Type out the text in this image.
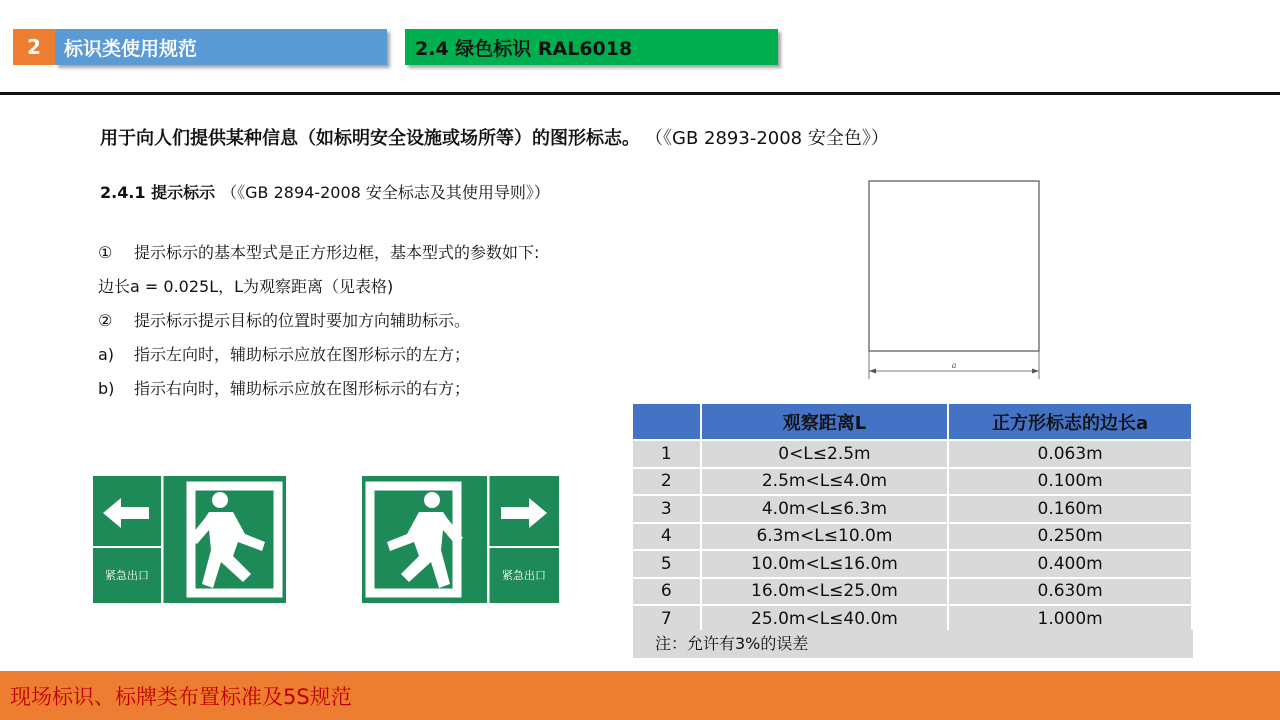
2	标识类使用规范	2.4 绿色标识 RAL6018
用于向人们提供某种信息（如标明安全设施或场所等）的图形标志。 （《GB 2893-2008 安全色》）
2.4.1 提示标示 （《GB 2894-2008 安全标志及其使用导则》）
① 提示标示的基本型式是正方形边框，基本型式的参数如下:
边长a = 0.025L，L为观察距离（见表格)
② 提示标示提示目标的位置时要加方向辅助标示。
a) 指示左向时，辅助标示应放在图形标示的左方；
b) 指示右向时，辅助标示应放在图形标示的右方；
a
	观察距离L	正方形标志的边长a
1	0<L≤2.5m	0.063m
2	2.5m<L≤4.0m	0.100m
3	4.0m<L≤6.3m	0.160m
4	6.3m<L≤10.0m	0.250m
5	10.0m<L≤16.0m	0.400m
6	16.0m<L≤25.0m	0.630m
7	25.0m<L≤40.0m	1.000m
注：允许有3%的误差
紧急出口	紧急出口
现场标识、标牌类布置标准及5S规范
